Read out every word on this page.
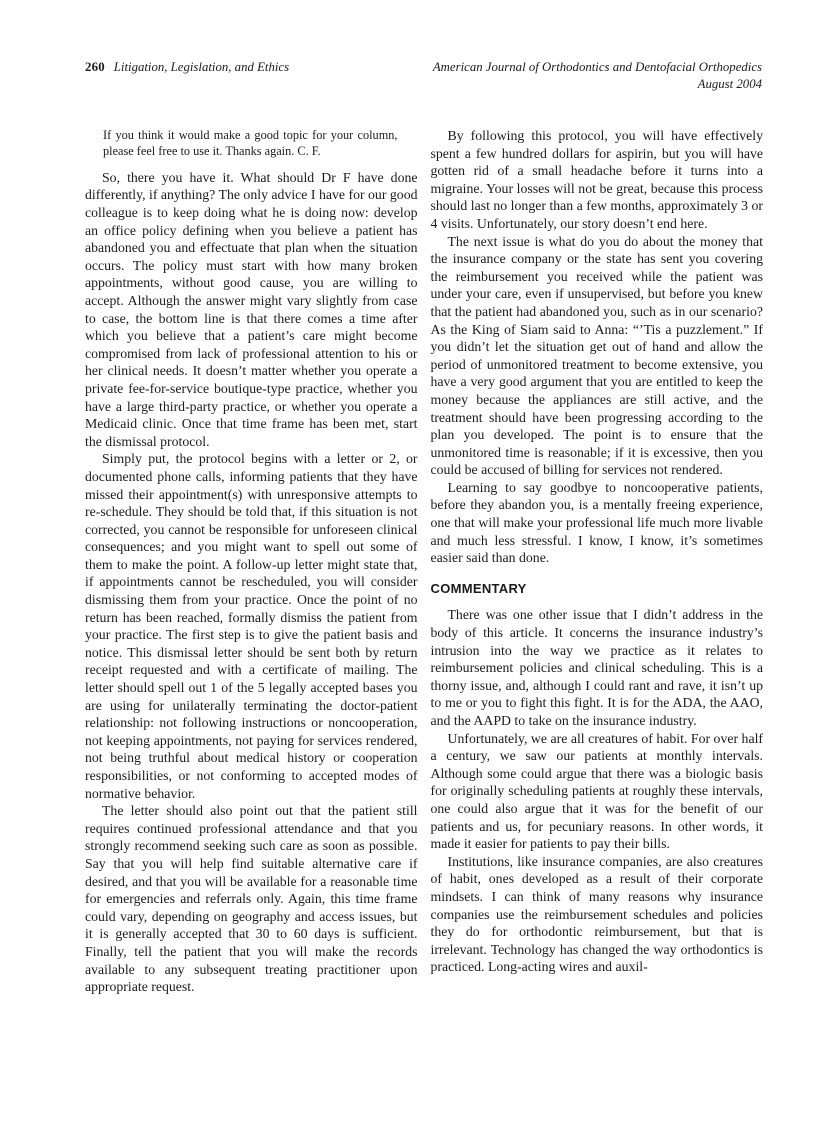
260 Litigation, Legislation, and Ethics	American Journal of Orthodontics and Dentofacial Orthopedics
August 2004
If you think it would make a good topic for your column, please feel free to use it. Thanks again. C. F.

So, there you have it. What should Dr F have done differently, if anything? The only advice I have for our good colleague is to keep doing what he is doing now: develop an office policy defining when you believe a patient has abandoned you and effectuate that plan when the situation occurs. The policy must start with how many broken appointments, without good cause, you are willing to accept. Although the answer might vary slightly from case to case, the bottom line is that there comes a time after which you believe that a patient’s care might become compromised from lack of professional attention to his or her clinical needs. It doesn’t matter whether you operate a private fee-for-service boutique-type practice, whether you have a large third-party practice, or whether you operate a Medicaid clinic. Once that time frame has been met, start the dismissal protocol.

Simply put, the protocol begins with a letter or 2, or documented phone calls, informing patients that they have missed their appointment(s) with unresponsive attempts to re-schedule. They should be told that, if this situation is not corrected, you cannot be responsible for unforeseen clinical consequences; and you might want to spell out some of them to make the point. A follow-up letter might state that, if appointments cannot be rescheduled, you will consider dismissing them from your practice. Once the point of no return has been reached, formally dismiss the patient from your practice. The first step is to give the patient basis and notice. This dismissal letter should be sent both by return receipt requested and with a certificate of mailing. The letter should spell out 1 of the 5 legally accepted bases you are using for unilaterally terminating the doctor-patient relationship: not following instructions or noncooperation, not keeping appointments, not paying for services rendered, not being truthful about medical history or cooperation responsibilities, or not conforming to accepted modes of normative behavior.

The letter should also point out that the patient still requires continued professional attendance and that you strongly recommend seeking such care as soon as possible. Say that you will help find suitable alternative care if desired, and that you will be available for a reasonable time for emergencies and referrals only. Again, this time frame could vary, depending on geography and access issues, but it is generally accepted that 30 to 60 days is sufficient. Finally, tell the patient that you will make the records available to any subsequent treating practitioner upon appropriate request.

By following this protocol, you will have effectively spent a few hundred dollars for aspirin, but you will have gotten rid of a small headache before it turns into a migraine. Your losses will not be great, because this process should last no longer than a few months, approximately 3 or 4 visits. Unfortunately, our story doesn’t end here.

The next issue is what do you do about the money that the insurance company or the state has sent you covering the reimbursement you received while the patient was under your care, even if unsupervised, but before you knew that the patient had abandoned you, such as in our scenario? As the King of Siam said to Anna: “’Tis a puzzlement.” If you didn’t let the situation get out of hand and allow the period of unmonitored treatment to become extensive, you have a very good argument that you are entitled to keep the money because the appliances are still active, and the treatment should have been progressing according to the plan you developed. The point is to ensure that the unmonitored time is reasonable; if it is excessive, then you could be accused of billing for services not rendered.

Learning to say goodbye to noncooperative patients, before they abandon you, is a mentally freeing experience, one that will make your professional life much more livable and much less stressful. I know, I know, it’s sometimes easier said than done.

COMMENTARY

There was one other issue that I didn’t address in the body of this article. It concerns the insurance industry’s intrusion into the way we practice as it relates to reimbursement policies and clinical scheduling. This is a thorny issue, and, although I could rant and rave, it isn’t up to me or you to fight this fight. It is for the ADA, the AAO, and the AAPD to take on the insurance industry.

Unfortunately, we are all creatures of habit. For over half a century, we saw our patients at monthly intervals. Although some could argue that there was a biologic basis for originally scheduling patients at roughly these intervals, one could also argue that it was for the benefit of our patients and us, for pecuniary reasons. In other words, it made it easier for patients to pay their bills.

Institutions, like insurance companies, are also creatures of habit, ones developed as a result of their corporate mindsets. I can think of many reasons why insurance companies use the reimbursement schedules and policies they do for orthodontic reimbursement, but that is irrelevant. Technology has changed the way orthodontics is practiced. Long-acting wires and auxil-
